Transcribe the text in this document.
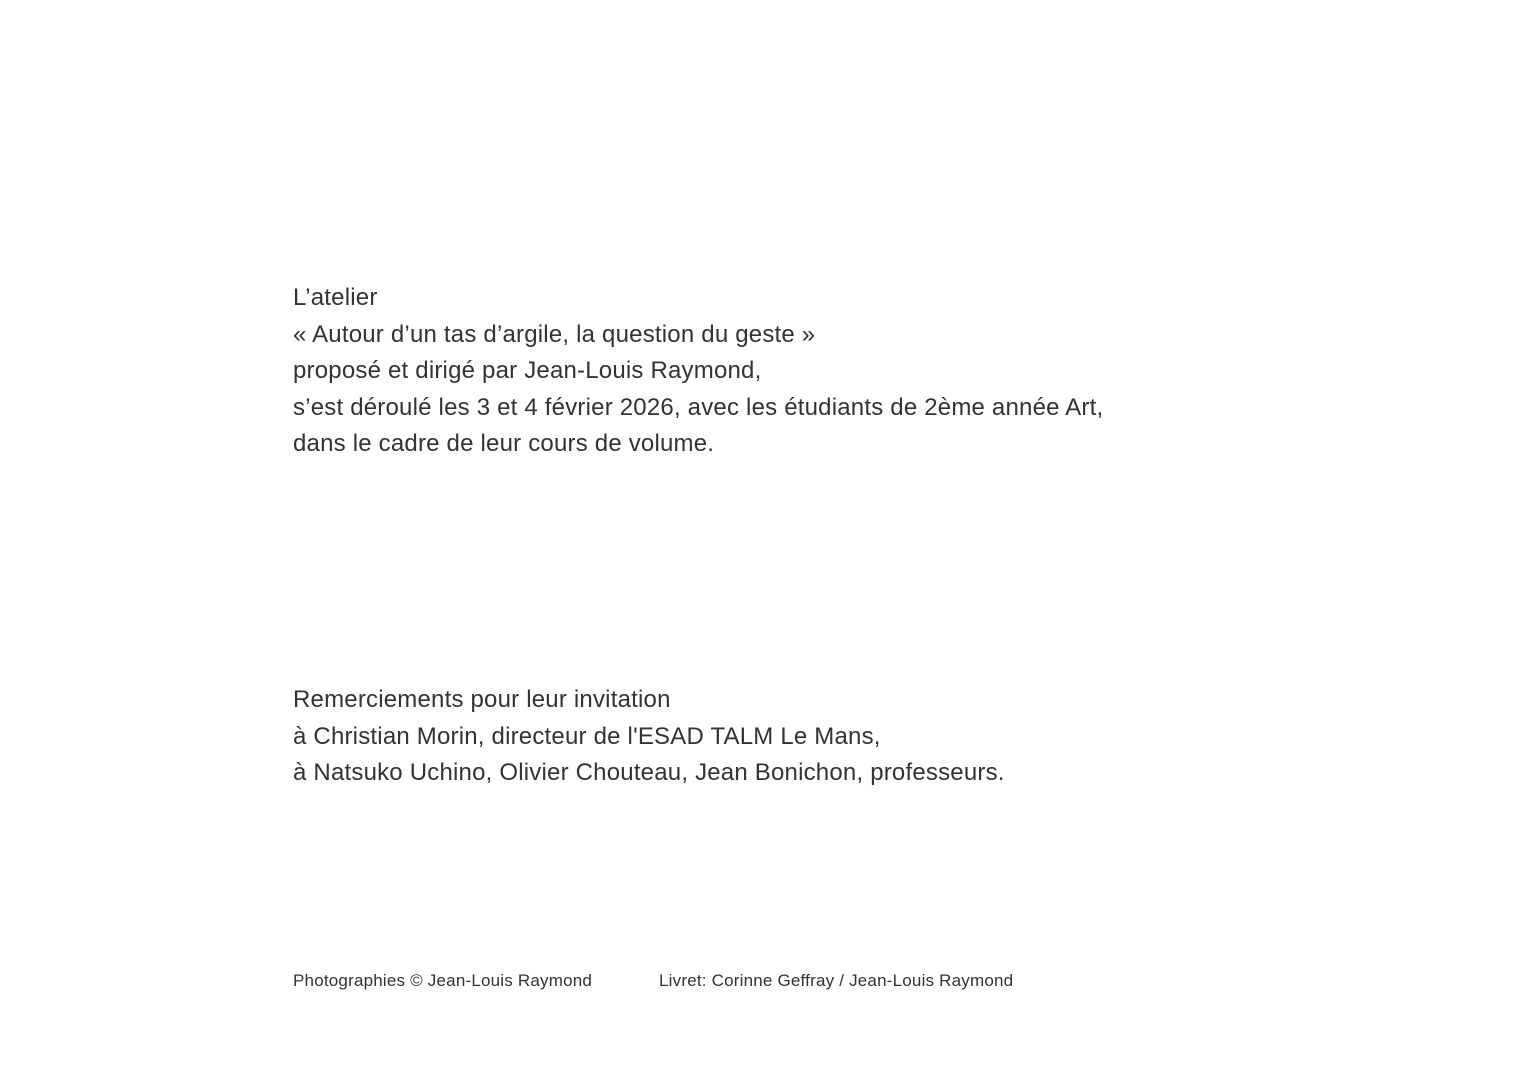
L’atelier
« Autour d’un tas d’argile, la question du geste »
proposé et dirigé par Jean-Louis Raymond,
s’est déroulé les 3 et 4 février 2026, avec les étudiants de 2ème année Art,
dans le cadre de leur cours de volume.
Remerciements pour leur invitation
à Christian Morin, directeur de l'ESAD TALM Le Mans,
à Natsuko Uchino, Olivier Chouteau, Jean Bonichon, professeurs.
Photographies © Jean-Louis Raymond	Livret: Corinne Geffray / Jean-Louis Raymond
